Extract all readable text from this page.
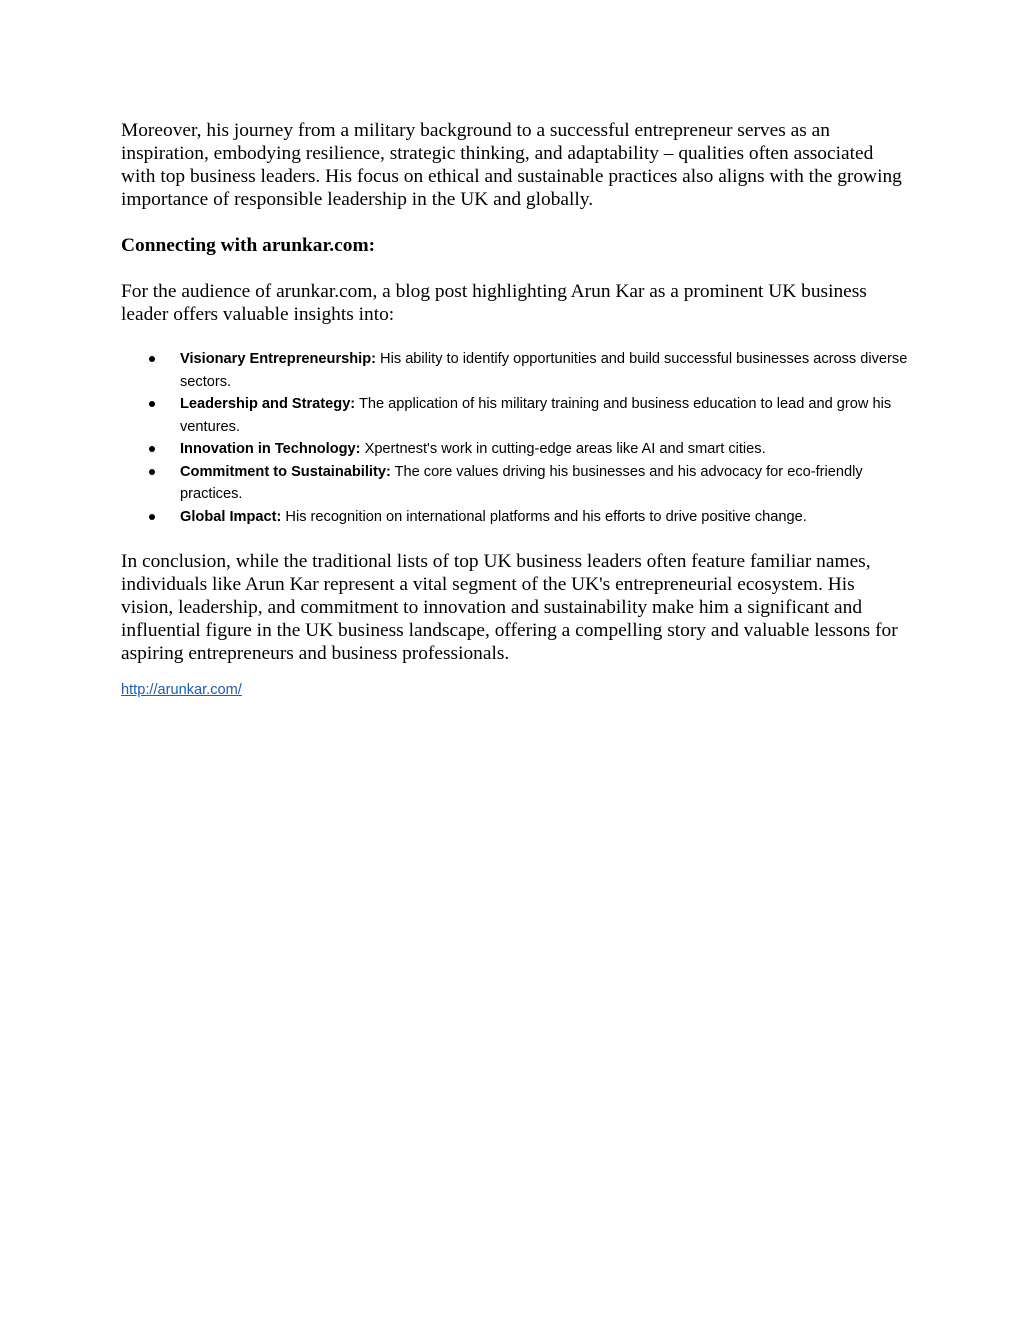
Moreover, his journey from a military background to a successful entrepreneur serves as an inspiration, embodying resilience, strategic thinking, and adaptability – qualities often associated with top business leaders. His focus on ethical and sustainable practices also aligns with the growing importance of responsible leadership in the UK and globally.

Connecting with arunkar.com:

For the audience of arunkar.com, a blog post highlighting Arun Kar as a prominent UK business leader offers valuable insights into:

Visionary Entrepreneurship: His ability to identify opportunities and build successful businesses across diverse sectors.
Leadership and Strategy: The application of his military training and business education to lead and grow his ventures.
Innovation in Technology: Xpertnest's work in cutting-edge areas like AI and smart cities.
Commitment to Sustainability: The core values driving his businesses and his advocacy for eco-friendly practices.
Global Impact: His recognition on international platforms and his efforts to drive positive change.

In conclusion, while the traditional lists of top UK business leaders often feature familiar names, individuals like Arun Kar represent a vital segment of the UK's entrepreneurial ecosystem. His vision, leadership, and commitment to innovation and sustainability make him a significant and influential figure in the UK business landscape, offering a compelling story and valuable lessons for aspiring entrepreneurs and business professionals.

http://arunkar.com/
